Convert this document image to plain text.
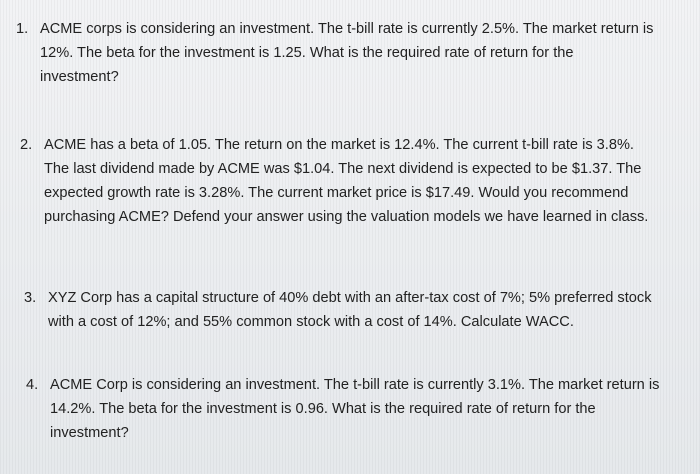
1. ACME corps is considering an investment. The t-bill rate is currently 2.5%. The market return is 12%. The beta for the investment is 1.25. What is the required rate of return for the investment?
2. ACME has a beta of 1.05. The return on the market is 12.4%. The current t-bill rate is 3.8%. The last dividend made by ACME was $1.04. The next dividend is expected to be $1.37. The expected growth rate is 3.28%. The current market price is $17.49. Would you recommend purchasing ACME? Defend your answer using the valuation models we have learned in class.
3. XYZ Corp has a capital structure of 40% debt with an after-tax cost of 7%; 5% preferred stock with a cost of 12%; and 55% common stock with a cost of 14%. Calculate WACC.
4. ACME Corp is considering an investment. The t-bill rate is currently 3.1%. The market return is 14.2%. The beta for the investment is 0.96. What is the required rate of return for the investment?
